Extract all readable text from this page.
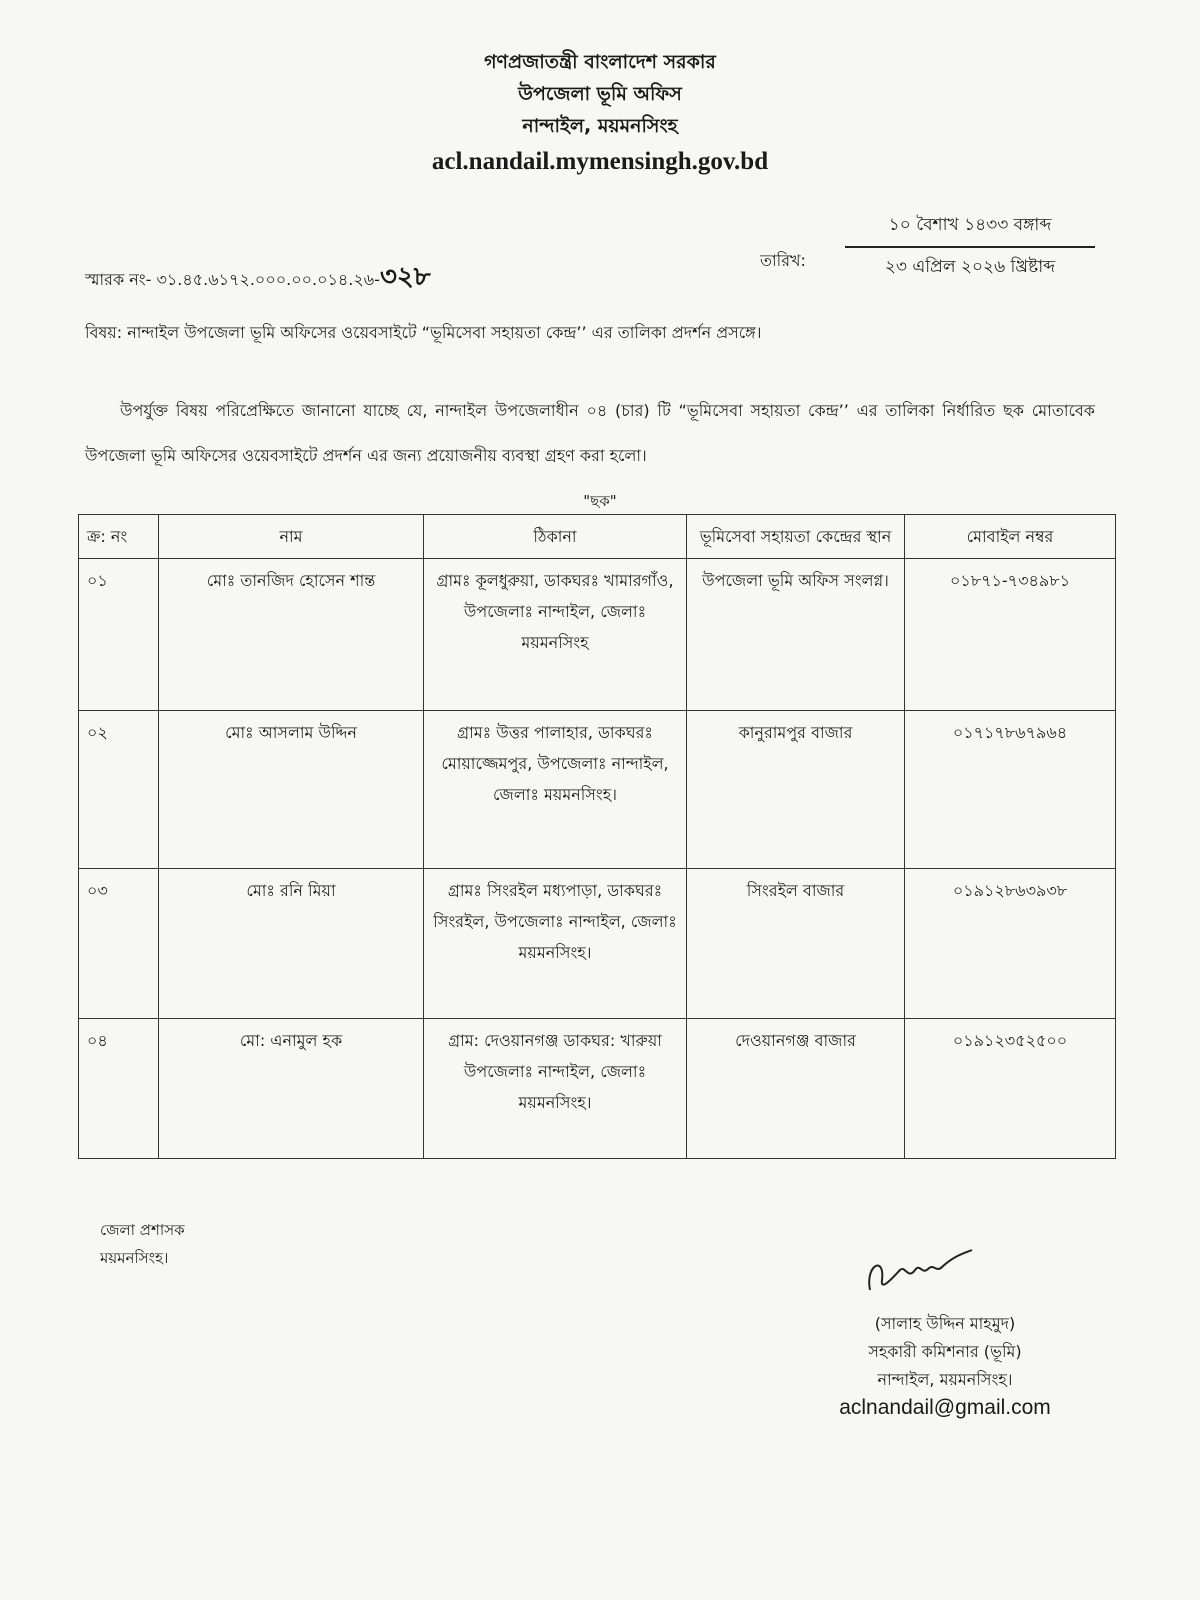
গণপ্রজাতন্ত্রী বাংলাদেশ সরকার
উপজেলা ভূমি অফিস
নান্দাইল, ময়মনসিংহ
acl.nandail.mymensingh.gov.bd
স্মারক নং- ৩১.৪৫.৬১৭২.০০০.০০.০১৪.২৬-৩২৮
তারিখ:
১০ বৈশাখ ১৪৩৩ বঙ্গাব্দ
২৩ এপ্রিল ২০২৬ খ্রিষ্টাব্দ
বিষয়: নান্দাইল উপজেলা ভূমি অফিসের ওয়েবসাইটে “ভূমিসেবা সহায়তা কেন্দ্র’’ এর তালিকা প্রদর্শন প্রসঙ্গে।
উপর্যুক্ত বিষয় পরিপ্রেক্ষিতে জানানো যাচ্ছে যে, নান্দাইল উপজেলাধীন ০৪ (চার) টি “ভূমিসেবা সহায়তা কেন্দ্র’’ এর তালিকা নির্ধারিত ছক মোতাবেক উপজেলা ভূমি অফিসের ওয়েবসাইটে প্রদর্শন এর জন্য প্রয়োজনীয় ব্যবস্থা গ্রহণ করা হলো।
"ছক"
ক্র: নং	নাম	ঠিকানা	ভূমিসেবা সহায়তা কেন্দ্রের স্থান	মোবাইল নম্বর
০১	মোঃ তানজিদ হোসেন শান্ত	গ্রামঃ কূলধুরুয়া, ডাকঘরঃ খামারগাঁও, উপজেলাঃ নান্দাইল, জেলাঃ ময়মনসিংহ	উপজেলা ভূমি অফিস সংলগ্ন।	০১৮৭১-৭৩৪৯৮১
০২	মোঃ আসলাম উদ্দিন	গ্রামঃ উত্তর পালাহার, ডাকঘরঃ মোয়াজ্জেমপুর, উপজেলাঃ নান্দাইল, জেলাঃ ময়মনসিংহ।	কানুরামপুর বাজার	০১৭১৭৮৬৭৯৬৪
০৩	মোঃ রনি মিয়া	গ্রামঃ সিংরইল মধ্যপাড়া, ডাকঘরঃ সিংরইল, উপজেলাঃ নান্দাইল, জেলাঃ ময়মনসিংহ।	সিংরইল বাজার	০১৯১২৮৬৩৯৩৮
০৪	মো: এনামুল হক	গ্রাম: দেওয়ানগঞ্জ ডাকঘর: খারুয়া উপজেলাঃ নান্দাইল, জেলাঃ ময়মনসিংহ।	দেওয়ানগঞ্জ বাজার	০১৯১২৩৫২৫০০
জেলা প্রশাসক
ময়মনসিংহ।
(সালাহ উদ্দিন মাহমুদ)
সহকারী কমিশনার (ভূমি)
নান্দাইল, ময়মনসিংহ।
aclnandail@gmail.com
